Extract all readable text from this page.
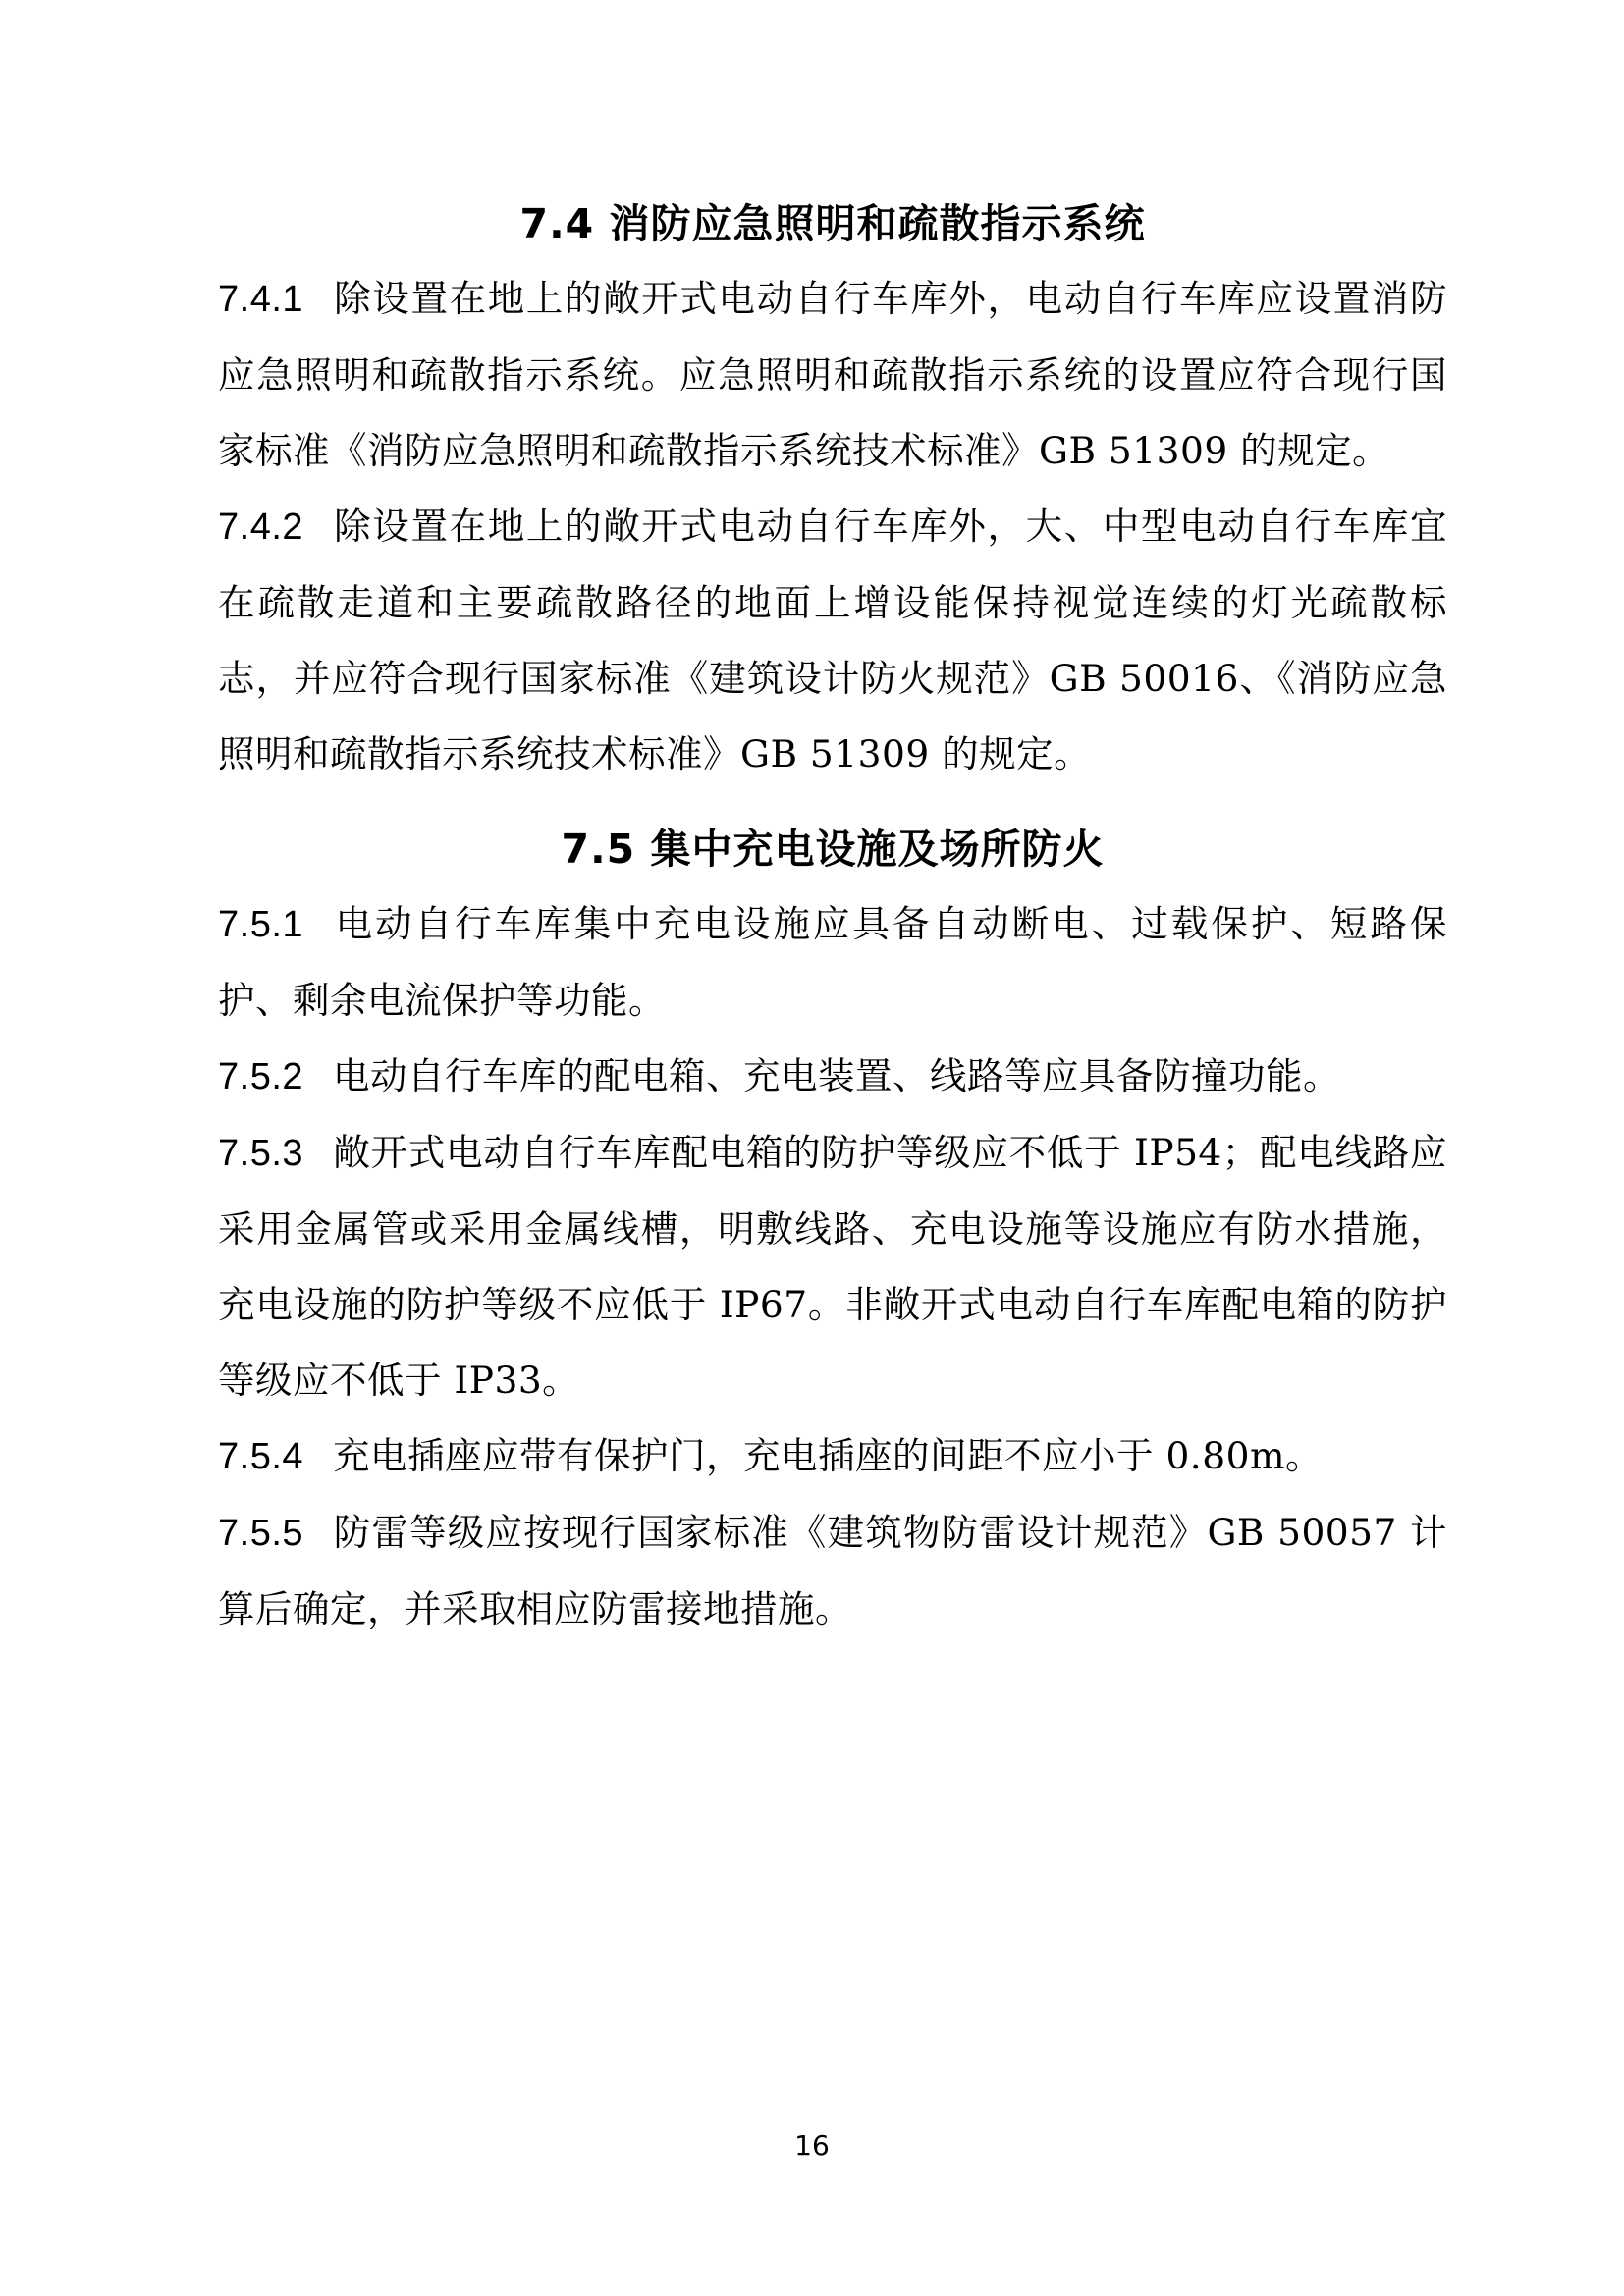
7.4 消防应急照明和疏散指示系统

7.4.1 除设置在地上的敞开式电动自行车库外，电动自行车库应设置消防应急照明和疏散指示系统。应急照明和疏散指示系统的设置应符合现行国家标准《消防应急照明和疏散指示系统技术标准》GB 51309 的规定。

7.4.2 除设置在地上的敞开式电动自行车库外，大、中型电动自行车库宜在疏散走道和主要疏散路径的地面上增设能保持视觉连续的灯光疏散标志，并应符合现行国家标准《建筑设计防火规范》GB 50016、《消防应急照明和疏散指示系统技术标准》GB 51309 的规定。

7.5 集中充电设施及场所防火

7.5.1 电动自行车库集中充电设施应具备自动断电、过载保护、短路保护、剩余电流保护等功能。

7.5.2 电动自行车库的配电箱、充电装置、线路等应具备防撞功能。

7.5.3 敞开式电动自行车库配电箱的防护等级应不低于 IP54；配电线路应采用金属管或采用金属线槽，明敷线路、充电设施等设施应有防水措施，充电设施的防护等级不应低于 IP67。非敞开式电动自行车库配电箱的防护等级应不低于 IP33。

7.5.4 充电插座应带有保护门，充电插座的间距不应小于 0.80m。

7.5.5 防雷等级应按现行国家标准《建筑物防雷设计规范》GB 50057 计算后确定，并采取相应防雷接地措施。

16
